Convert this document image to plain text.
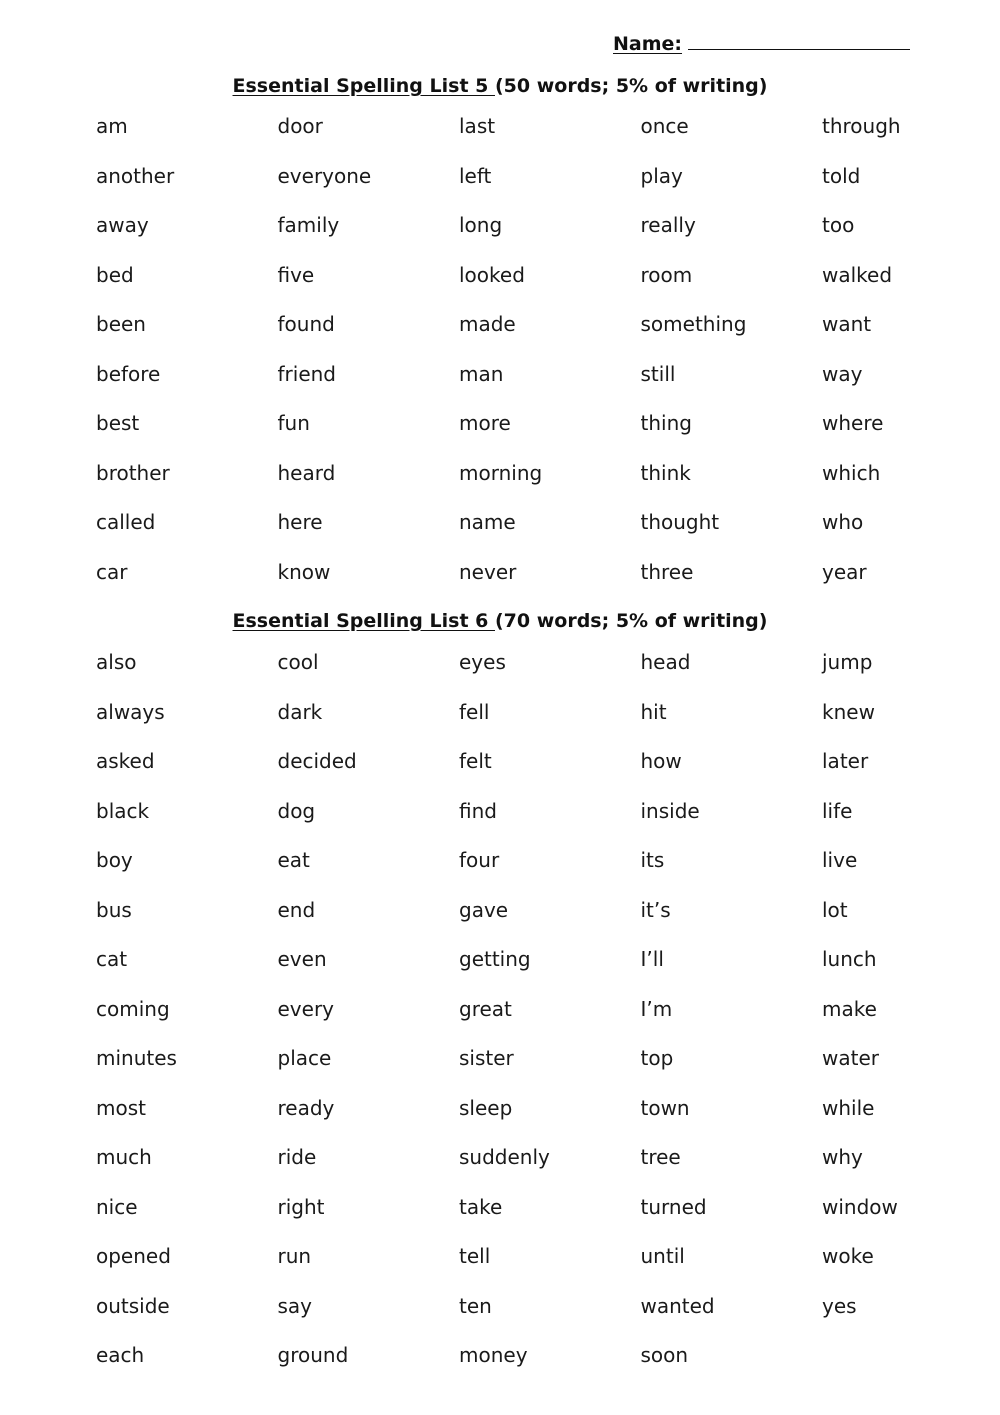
Name:
Essential Spelling List 5 (50 words; 5% of writing)
am	door	last	once	through
another	everyone	left	play	told
away	family	long	really	too
bed	five	looked	room	walked
been	found	made	something	want
before	friend	man	still	way
best	fun	more	thing	where
brother	heard	morning	think	which
called	here	name	thought	who
car	know	never	three	year
Essential Spelling List 6 (70 words; 5% of writing)
also	cool	eyes	head	jump
always	dark	fell	hit	knew
asked	decided	felt	how	later
black	dog	find	inside	life
boy	eat	four	its	live
bus	end	gave	it’s	lot
cat	even	getting	I’ll	lunch
coming	every	great	I’m	make
minutes	place	sister	top	water
most	ready	sleep	town	while
much	ride	suddenly	tree	why
nice	right	take	turned	window
opened	run	tell	until	woke
outside	say	ten	wanted	yes
each	ground	money	soon
